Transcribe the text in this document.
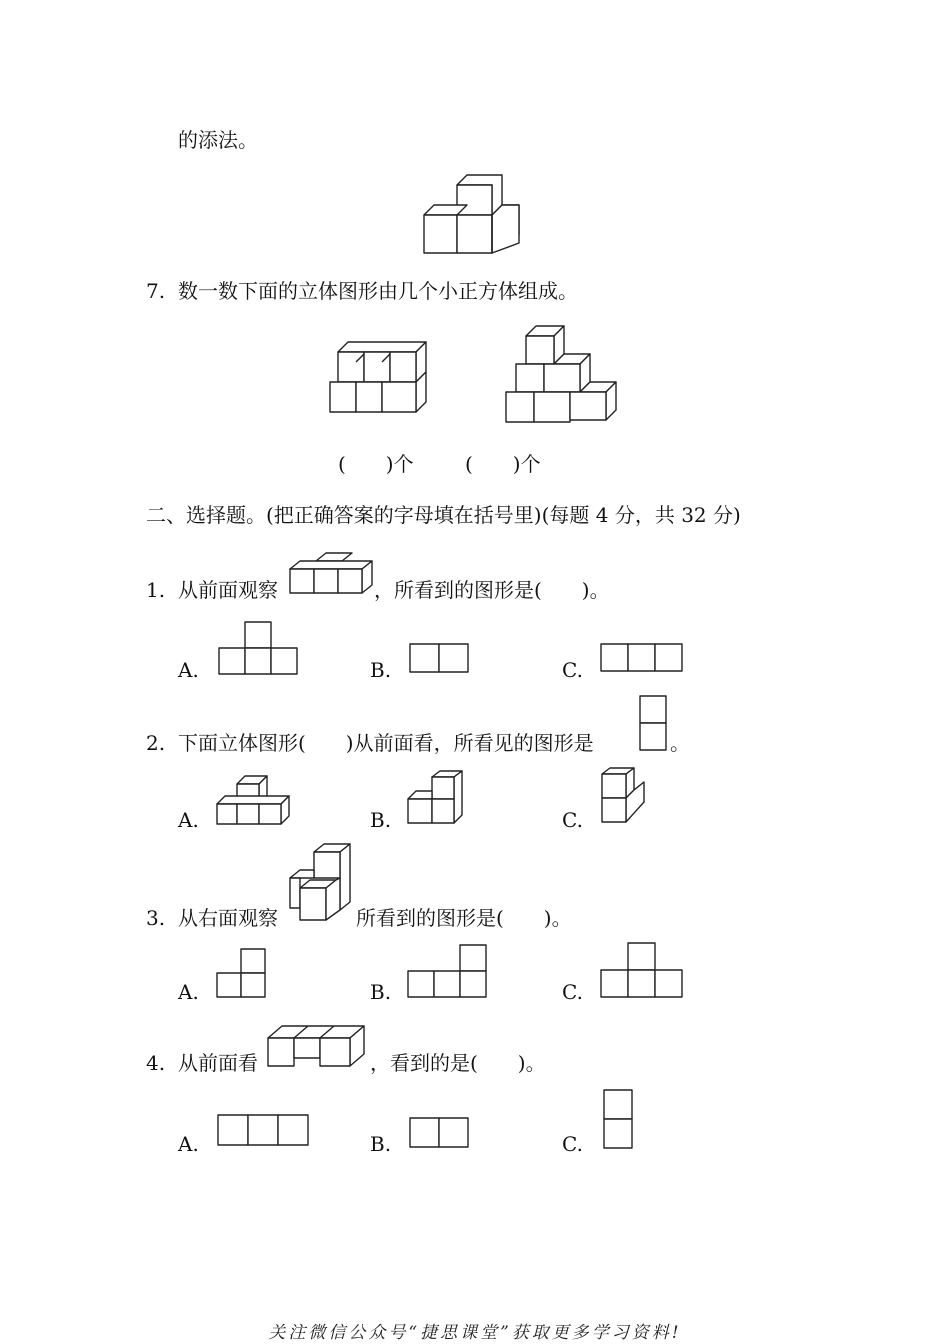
的添法。
7. 数一数下面的立体图形由几个小正方体组成。
(　　)个	(　　)个
二、选择题。(把正确答案的字母填在括号里)(每题 4 分，共 32 分)
1. 从前面观察	，所看到的图形是(　　)。
A.	B.	C.
2. 下面立体图形(　　)从前面看，所看见的图形是	。
A.	B.	C.
3. 从右面观察	所看到的图形是(　　)。
A.	B.	C.
4. 从前面看	，看到的是(　　)。
A.	B.	C.
关注微信公众号“捷思课堂”获取更多学习资料!
